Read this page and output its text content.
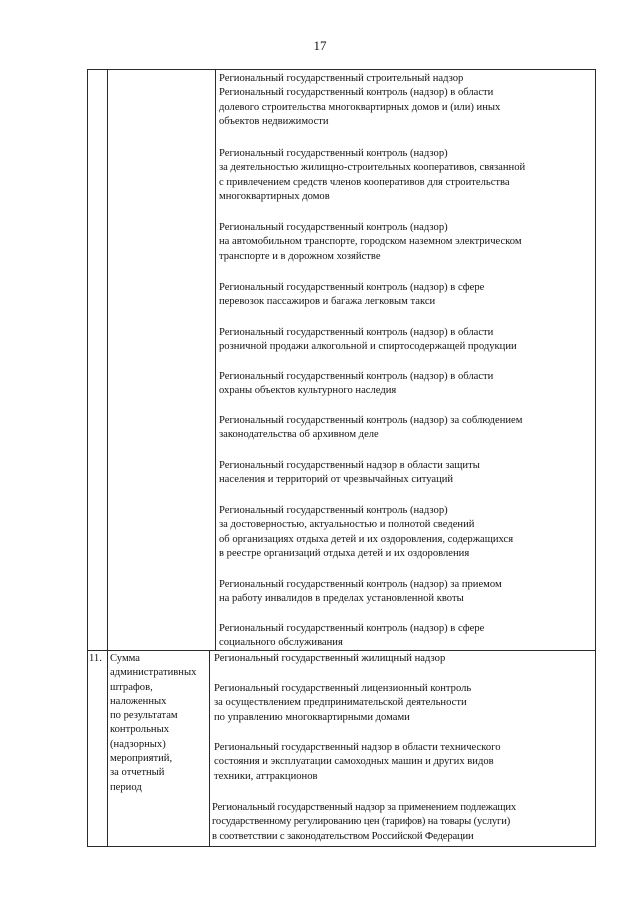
17
Региональный государственный строительный надзор
Региональный государственный контроль (надзор) в области
долевого строительства многоквартирных домов и (или) иных
объектов недвижимости
Региональный государственный контроль (надзор)
за деятельностью жилищно-строительных кооперативов, связанной
с привлечением средств членов кооперативов для строительства
многоквартирных домов
Региональный государственный контроль (надзор)
на автомобильном транспорте, городском наземном электрическом
транспорте и в дорожном хозяйстве
Региональный государственный контроль (надзор) в сфере
перевозок пассажиров и багажа легковым такси
Региональный государственный контроль (надзор) в области
розничной продажи алкогольной и спиртосодержащей продукции
Региональный государственный контроль (надзор) в области
охраны объектов культурного наследия
Региональный государственный контроль (надзор) за соблюдением
законодательства об архивном деле
Региональный государственный надзор в области защиты
населения и территорий от чрезвычайных ситуаций
Региональный государственный контроль (надзор)
за достоверностью, актуальностью и полнотой сведений
об организациях отдыха детей и их оздоровления, содержащихся
в реестре организаций отдыха детей и их оздоровления
Региональный государственный контроль (надзор) за приемом
на работу инвалидов в пределах установленной квоты
Региональный государственный контроль (надзор) в сфере
социального обслуживания
11. Сумма
административных
штрафов,
наложенных
по результатам
контрольных
(надзорных)
мероприятий,
за отчетный
период
Региональный государственный жилищный надзор
Региональный государственный лицензионный контроль
за осуществлением предпринимательской деятельности
по управлению многоквартирными домами
Региональный государственный надзор в области технического
состояния и эксплуатации самоходных машин и других видов
техники, аттракционов
Региональный государственный надзор за применением подлежащих
государственному регулированию цен (тарифов) на товары (услуги)
в соответствии с законодательством Российской Федерации
